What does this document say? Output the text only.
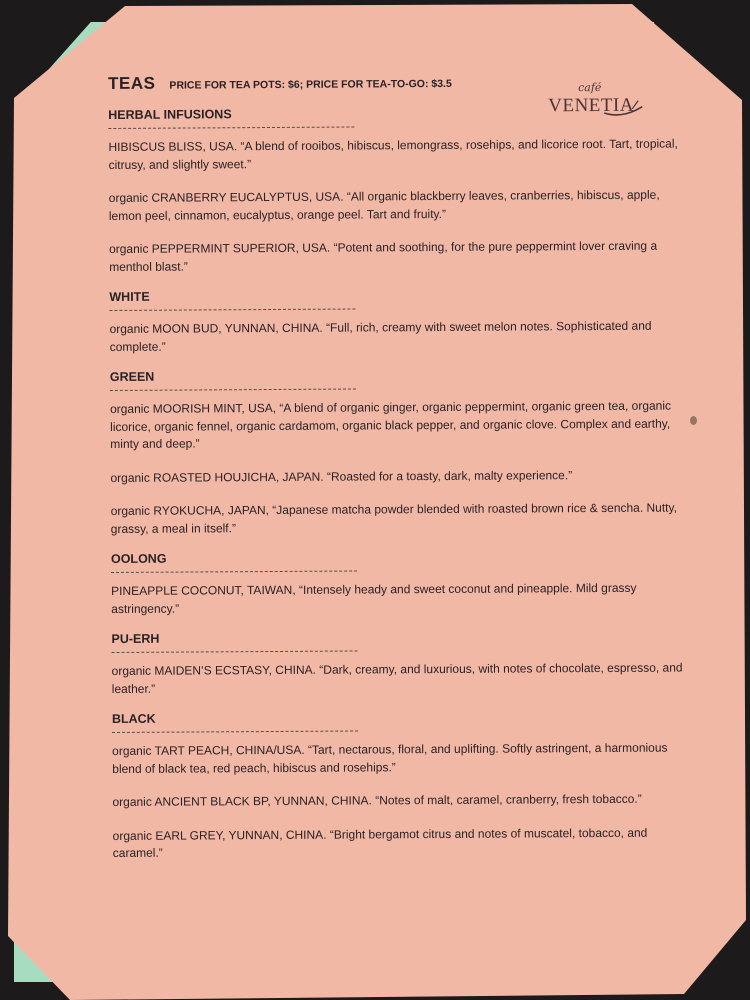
TEAS PRICE FOR TEA POTS: $6; PRICE FOR TEA-TO-GO: $3.5	café
VENETIA
HERBAL INFUSIONS
HIBISCUS BLISS, USA. “A blend of rooibos, hibiscus, lemongrass, rosehips, and licorice root. Tart, tropical, citrusy, and slightly sweet.”
organic CRANBERRY EUCALYPTUS, USA. “All organic blackberry leaves, cranberries, hibiscus, apple, lemon peel, cinnamon, eucalyptus, orange peel. Tart and fruity.”
organic PEPPERMINT SUPERIOR, USA. “Potent and soothing, for the pure peppermint lover craving a menthol blast.”
WHITE
organic MOON BUD, YUNNAN, CHINA. “Full, rich, creamy with sweet melon notes. Sophisticated and complete.”
GREEN
organic MOORISH MINT, USA, “A blend of organic ginger, organic peppermint, organic green tea, organic licorice, organic fennel, organic cardamom, organic black pepper, and organic clove. Complex and earthy, minty and deep.”
organic ROASTED HOUJICHA, JAPAN. “Roasted for a toasty, dark, malty experience.”
organic RYOKUCHA, JAPAN, “Japanese matcha powder blended with roasted brown rice & sencha. Nutty, grassy, a meal in itself.”
OOLONG
PINEAPPLE COCONUT, TAIWAN, “Intensely heady and sweet coconut and pineapple. Mild grassy astringency.”
PU-ERH
organic MAIDEN’S ECSTASY, CHINA. “Dark, creamy, and luxurious, with notes of chocolate, espresso, and leather.”
BLACK
organic TART PEACH, CHINA/USA. “Tart, nectarous, floral, and uplifting. Softly astringent, a harmonious blend of black tea, red peach, hibiscus and rosehips.”
organic ANCIENT BLACK BP, YUNNAN, CHINA. “Notes of malt, caramel, cranberry, fresh tobacco.”
organic EARL GREY, YUNNAN, CHINA. “Bright bergamot citrus and notes of muscatel, tobacco, and caramel.”
